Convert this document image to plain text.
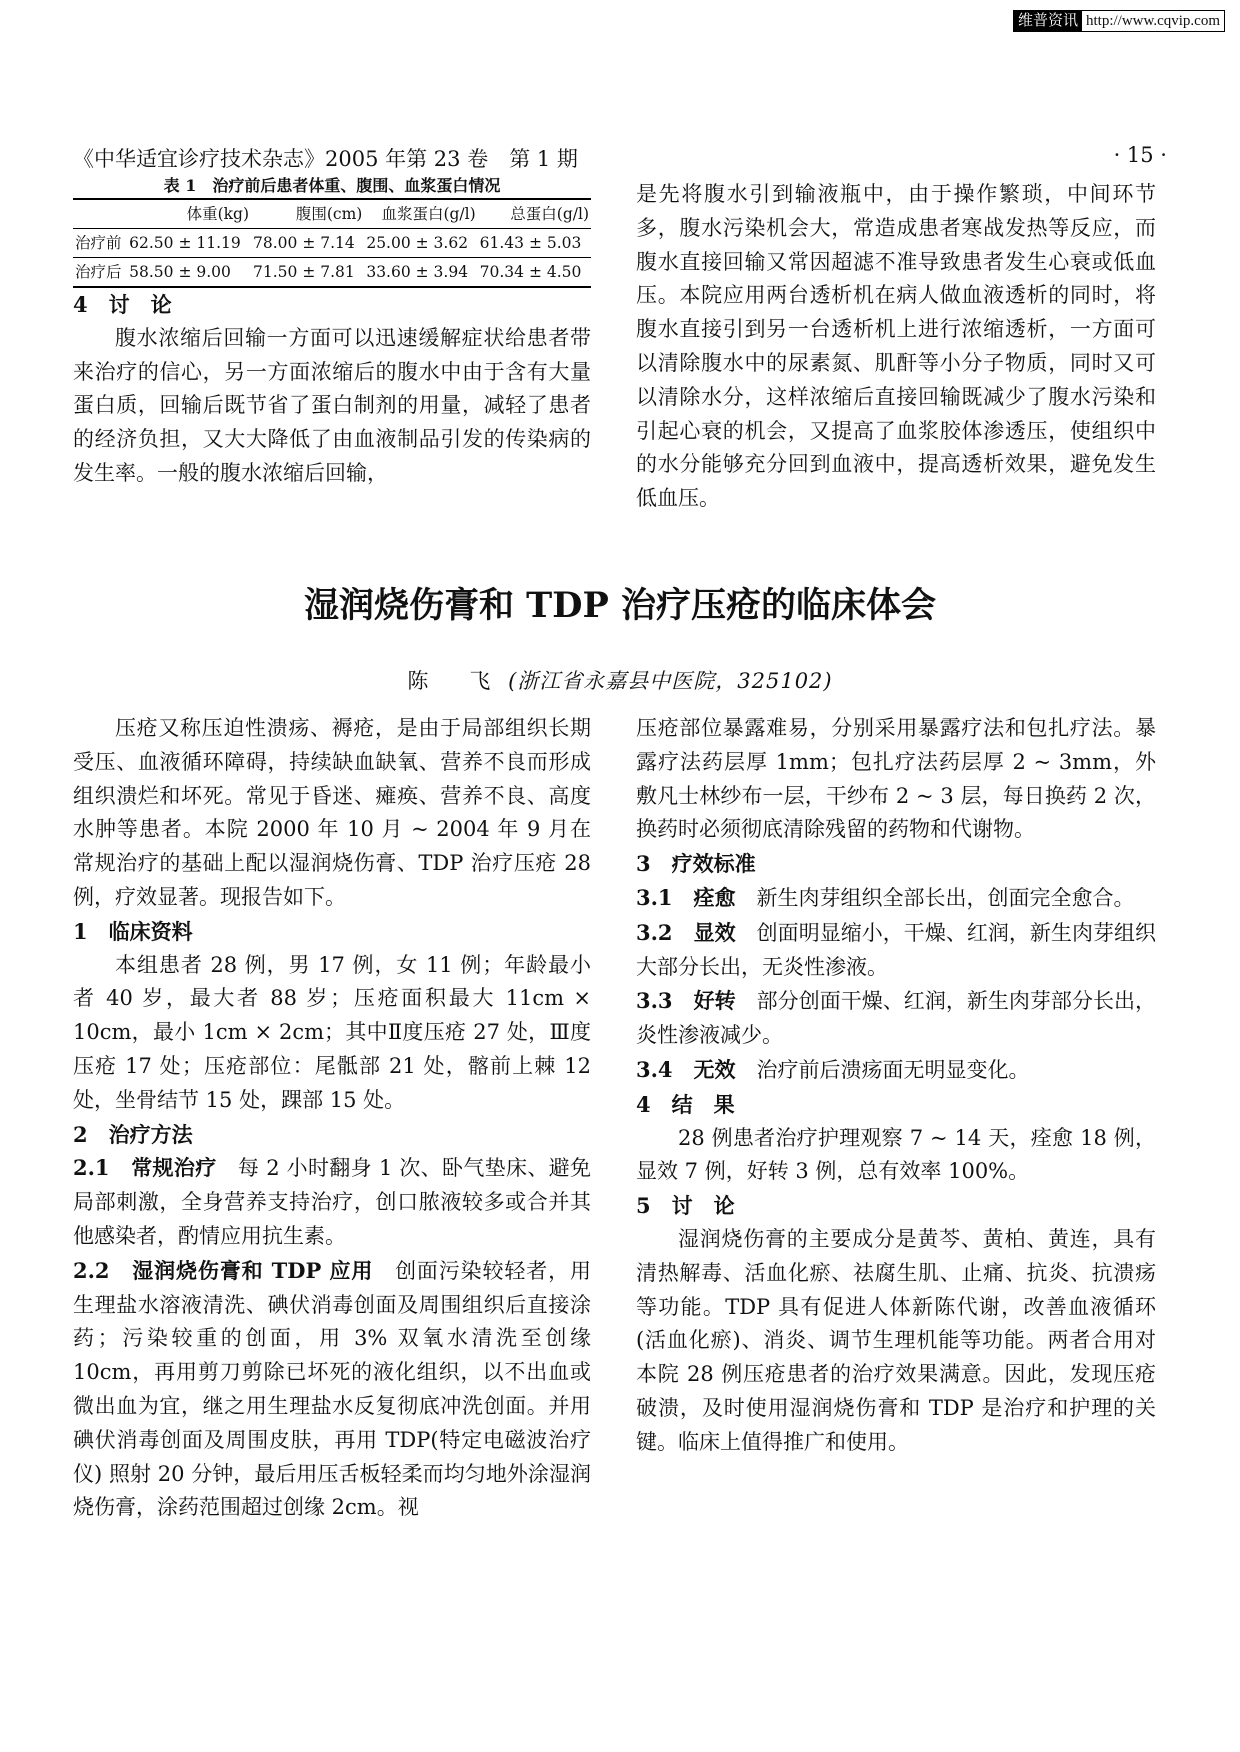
维普资讯 http://www.cqvip.com
《中华适宜诊疗技术杂志》2005 年第 23 卷　第 1 期	· 15 ·
表 1　治疗前后患者体重、腹围、血浆蛋白情况
	体重(kg)	腹围(cm)	血浆蛋白(g/l)	总蛋白(g/l)
治疗前	62.50 ± 11.19	78.00 ± 7.14	25.00 ± 3.62	61.43 ± 5.03
治疗后	58.50 ± 9.00	71.50 ± 7.81	33.60 ± 3.94	70.34 ± 4.50

4　讨　论

腹水浓缩后回输一方面可以迅速缓解症状给患者带来治疗的信心，另一方面浓缩后的腹水中由于含有大量蛋白质，回输后既节省了蛋白制剂的用量，减轻了患者的经济负担，又大大降低了由血液制品引发的传染病的发生率。一般的腹水浓缩后回输，

是先将腹水引到输液瓶中，由于操作繁琐，中间环节多，腹水污染机会大，常造成患者寒战发热等反应，而腹水直接回输又常因超滤不准导致患者发生心衰或低血压。本院应用两台透析机在病人做血液透析的同时，将腹水直接引到另一台透析机上进行浓缩透析，一方面可以清除腹水中的尿素氮、肌酐等小分子物质，同时又可以清除水分，这样浓缩后直接回输既减少了腹水污染和引起心衰的机会，又提高了血浆胶体渗透压，使组织中的水分能够充分回到血液中，提高透析效果，避免发生低血压。

湿润烧伤膏和 TDP 治疗压疮的临床体会
陈　飞 (浙江省永嘉县中医院，325102)

压疮又称压迫性溃疡、褥疮，是由于局部组织长期受压、血液循环障碍，持续缺血缺氧、营养不良而形成组织溃烂和坏死。常见于昏迷、瘫痪、营养不良、高度水肿等患者。本院 2000 年 10 月 ~ 2004 年 9 月在常规治疗的基础上配以湿润烧伤膏、TDP 治疗压疮 28 例，疗效显著。现报告如下。

1　临床资料

本组患者 28 例，男 17 例，女 11 例；年龄最小者 40 岁，最大者 88 岁；压疮面积最大 11cm × 10cm，最小 1cm × 2cm；其中Ⅱ度压疮 27 处，Ⅲ度压疮 17 处；压疮部位：尾骶部 21 处，髂前上棘 12 处，坐骨结节 15 处，踝部 15 处。

2　治疗方法

2.1　常规治疗　 每 2 小时翻身 1 次、卧气垫床、避免局部刺激，全身营养支持治疗，创口脓液较多或合并其他感染者，酌情应用抗生素。

2.2　湿润烧伤膏和 TDP 应用　 创面污染较轻者，用生理盐水溶液清洗、碘伏消毒创面及周围组织后直接涂药；污染较重的创面，用 3% 双氧水清洗至创缘 10cm，再用剪刀剪除已坏死的液化组织，以不出血或微出血为宜，继之用生理盐水反复彻底冲洗创面。并用碘伏消毒创面及周围皮肤，再用 TDP(特定电磁波治疗仪) 照射 20 分钟，最后用压舌板轻柔而均匀地外涂湿润烧伤膏，涂药范围超过创缘 2cm。视

压疮部位暴露难易，分别采用暴露疗法和包扎疗法。暴露疗法药层厚 1mm；包扎疗法药层厚 2 ~ 3mm，外敷凡士林纱布一层，干纱布 2 ~ 3 层，每日换药 2 次，换药时必须彻底清除残留的药物和代谢物。

3　疗效标准

3.1　痊愈　 新生肉芽组织全部长出，创面完全愈合。

3.2　显效　 创面明显缩小，干燥、红润，新生肉芽组织大部分长出，无炎性渗液。

3.3　好转　 部分创面干燥、红润，新生肉芽部分长出，炎性渗液减少。

3.4　无效　 治疗前后溃疡面无明显变化。

4　结　果

28 例患者治疗护理观察 7 ~ 14 天，痊愈 18 例，显效 7 例，好转 3 例，总有效率 100%。

5　讨　论

湿润烧伤膏的主要成分是黄芩、黄柏、黄连，具有清热解毒、活血化瘀、祛腐生肌、止痛、抗炎、抗溃疡等功能。TDP 具有促进人体新陈代谢，改善血液循环(活血化瘀)、消炎、调节生理机能等功能。两者合用对本院 28 例压疮患者的治疗效果满意。因此，发现压疮破溃，及时使用湿润烧伤膏和 TDP 是治疗和护理的关键。临床上值得推广和使用。
